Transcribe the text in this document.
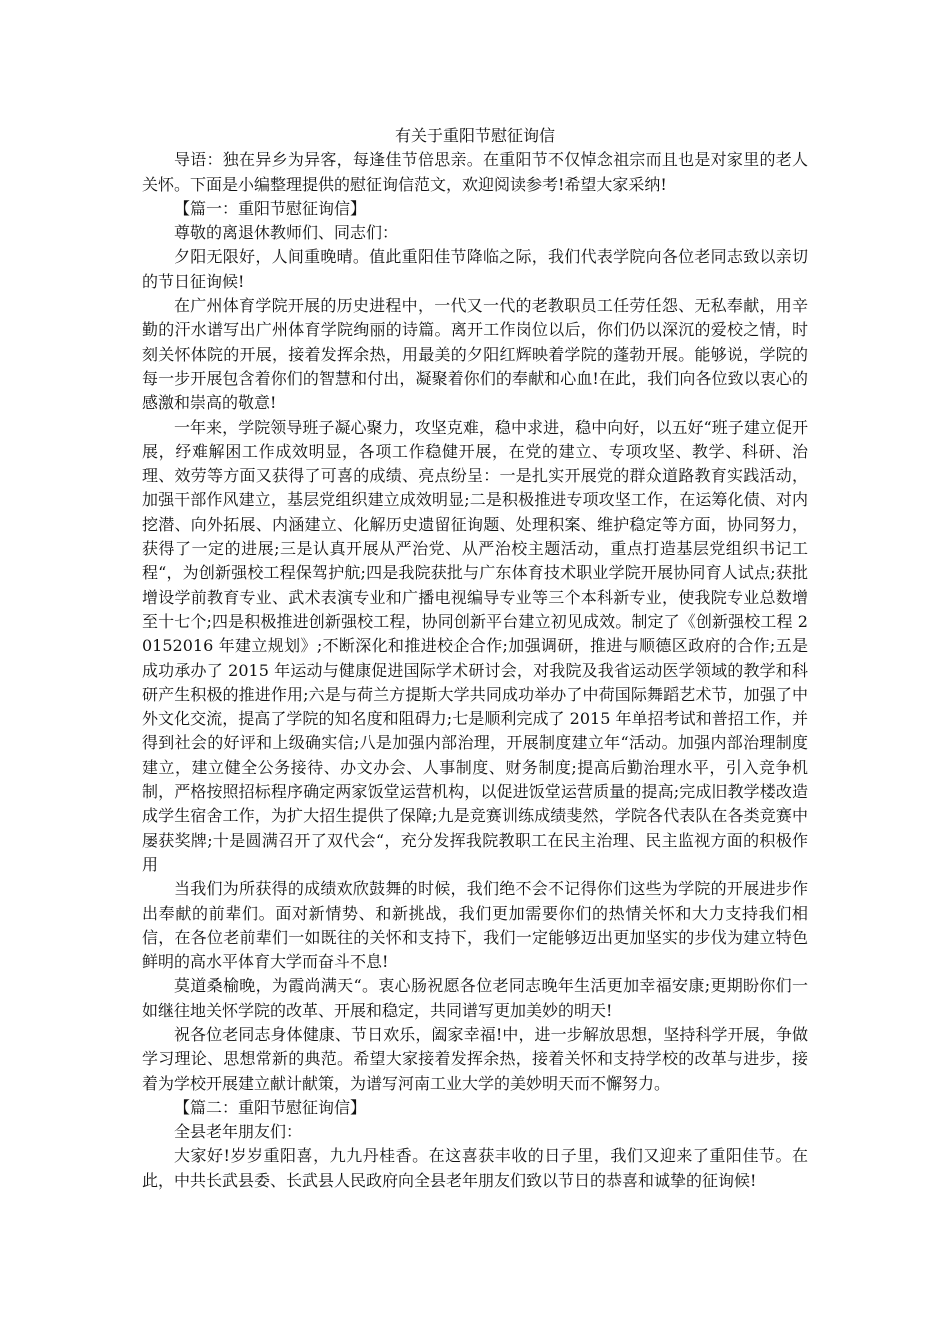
有关于重阳节慰征询信

导语：独在异乡为异客，每逢佳节倍思亲。在重阳节不仅悼念祖宗而且也是对家里的老人关怀。下面是小编整理提供的慰征询信范文，欢迎阅读参考!希望大家采纳!

【篇一：重阳节慰征询信】

尊敬的离退休教师们、同志们：

夕阳无限好，人间重晚晴。值此重阳佳节降临之际，我们代表学院向各位老同志致以亲切的节日征询候!

在广州体育学院开展的历史进程中，一代又一代的老教职员工任劳任怨、无私奉献，用辛勤的汗水谱写出广州体育学院绚丽的诗篇。离开工作岗位以后，你们仍以深沉的爱校之情，时刻关怀体院的开展，接着发挥余热，用最美的夕阳红辉映着学院的蓬勃开展。能够说，学院的每一步开展包含着你们的智慧和付出，凝聚着你们的奉献和心血!在此，我们向各位致以衷心的感激和崇高的敬意!

一年来，学院领导班子凝心聚力，攻坚克难，稳中求进，稳中向好，以五好“班子建立促开展，纾难解困工作成效明显，各项工作稳健开展，在党的建立、专项攻坚、教学、科研、治理、效劳等方面又获得了可喜的成绩、亮点纷呈：一是扎实开展党的群众道路教育实践活动，加强干部作风建立，基层党组织建立成效明显;二是积极推进专项攻坚工作，在运筹化债、对内挖潜、向外拓展、内涵建立、化解历史遗留征询题、处理积案、维护稳定等方面，协同努力，获得了一定的进展;三是认真开展从严治党、从严治校主题活动，重点打造基层党组织书记工程“，为创新强校工程保驾护航;四是我院获批与广东体育技术职业学院开展协同育人试点;获批增设学前教育专业、武术表演专业和广播电视编导专业等三个本科新专业，使我院专业总数增至十七个;四是积极推进创新强校工程，协同创新平台建立初见成效。制定了《创新强校工程 20152016 年建立规划》;不断深化和推进校企合作;加强调研，推进与顺德区政府的合作;五是成功承办了 2015 年运动与健康促进国际学术研讨会，对我院及我省运动医学领域的教学和科研产生积极的推进作用;六是与荷兰方提斯大学共同成功举办了中荷国际舞蹈艺术节，加强了中外文化交流，提高了学院的知名度和阻碍力;七是顺利完成了 2015 年单招考试和普招工作，并得到社会的好评和上级确实信;八是加强内部治理，开展制度建立年“活动。加强内部治理制度建立，建立健全公务接待、办文办会、人事制度、财务制度;提高后勤治理水平，引入竞争机制，严格按照招标程序确定两家饭堂运营机构，以促进饭堂运营质量的提高;完成旧教学楼改造成学生宿舍工作，为扩大招生提供了保障;九是竞赛训练成绩斐然，学院各代表队在各类竞赛中屡获奖牌;十是圆满召开了双代会“，充分发挥我院教职工在民主治理、民主监视方面的积极作用

当我们为所获得的成绩欢欣鼓舞的时候，我们绝不会不记得你们这些为学院的开展进步作出奉献的前辈们。面对新情势、和新挑战，我们更加需要你们的热情关怀和大力支持我们相信，在各位老前辈们一如既往的关怀和支持下，我们一定能够迈出更加坚实的步伐为建立特色鲜明的高水平体育大学而奋斗不息!

莫道桑榆晚，为霞尚满天“。衷心肠祝愿各位老同志晚年生活更加幸福安康;更期盼你们一如继往地关怀学院的改革、开展和稳定，共同谱写更加美妙的明天!

祝各位老同志身体健康、节日欢乐，阖家幸福!中，进一步解放思想，坚持科学开展，争做学习理论、思想常新的典范。希望大家接着发挥余热，接着关怀和支持学校的改革与进步，接着为学校开展建立献计献策，为谱写河南工业大学的美妙明天而不懈努力。

【篇二：重阳节慰征询信】

全县老年朋友们：

大家好!岁岁重阳喜，九九丹桂香。在这喜获丰收的日子里，我们又迎来了重阳佳节。在此，中共长武县委、长武县人民政府向全县老年朋友们致以节日的恭喜和诚挚的征询候!
